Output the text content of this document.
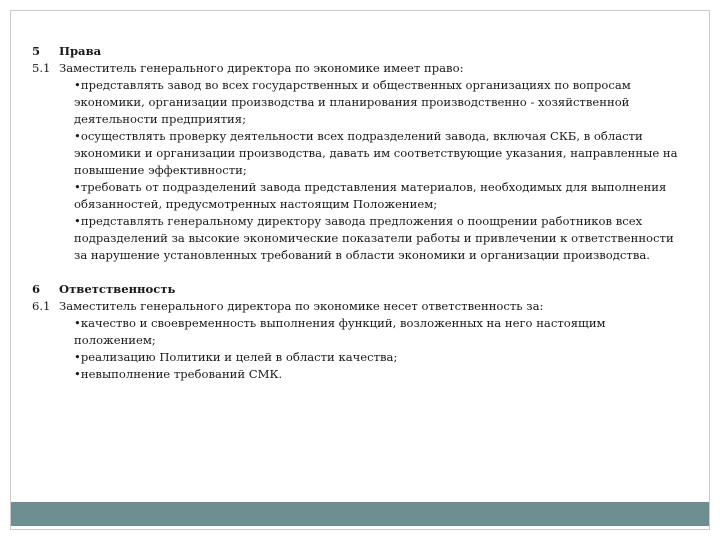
5	Права
5.1 Заместитель генерального директора по экономике имеет право:
•представлять завод во всех государственных и общественных организациях по вопросам экономики, организации производства и планирования производственно - хозяйственной деятельности предприятия;
•осуществлять проверку деятельности всех подразделений завода, включая СКБ, в области экономики и организации производства, давать им соответствующие указания, направленные на повышение эффективности;
•требовать от подразделений завода представления материалов, необходимых для выполнения обязанностей, предусмотренных настоящим Положением;
•представлять генеральному директору завода предложения о поощрении работников всех подразделений за высокие экономические показатели работы и привлечении к ответственности за нарушение установленных требований в области экономики и организации производства.
6	Ответственность
6.1 Заместитель генерального директора по экономике несет ответственность за:
•качество и своевременность выполнения функций, возложенных на него настоящим положением;
•реализацию Политики и целей в области качества;
•невыполнение требований СМК.
